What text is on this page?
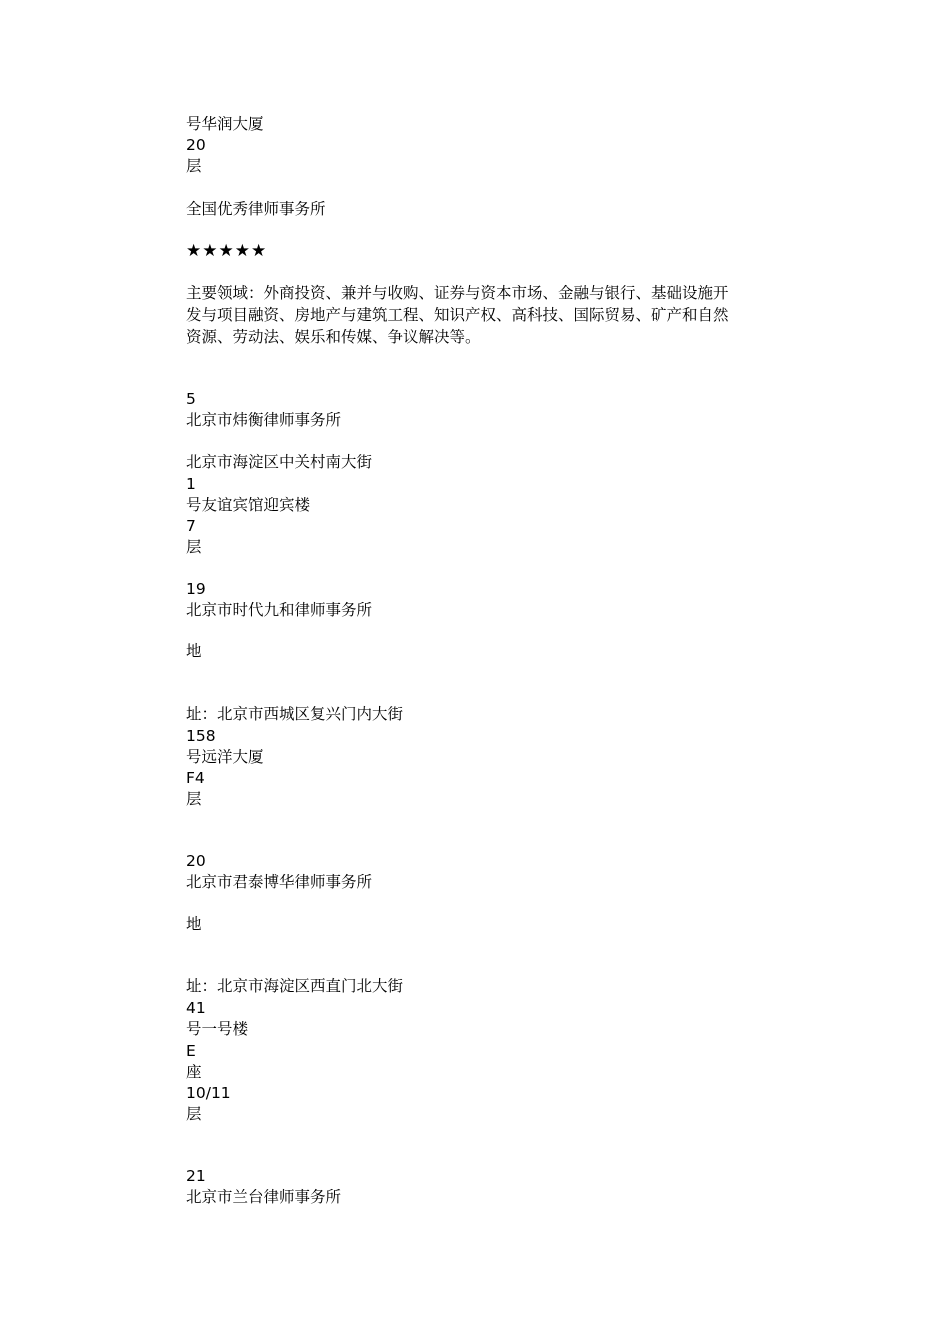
号华润大厦
20
层
全国优秀律师事务所
★★★★★
主要领域：外商投资、兼并与收购、证券与资本市场、金融与银行、基础设施开
发与项目融资、房地产与建筑工程、知识产权、高科技、国际贸易、矿产和自然
资源、劳动法、娱乐和传媒、争议解决等。
5
北京市炜衡律师事务所
北京市海淀区中关村南大街
1
号友谊宾馆迎宾楼
7
层
19
北京市时代九和律师事务所
地
址：北京市西城区复兴门内大街
158
号远洋大厦
F4
层
20
北京市君泰博华律师事务所
地
址：北京市海淀区西直门北大街
41
号一号楼
E
座
10/11
层
21
北京市兰台律师事务所
